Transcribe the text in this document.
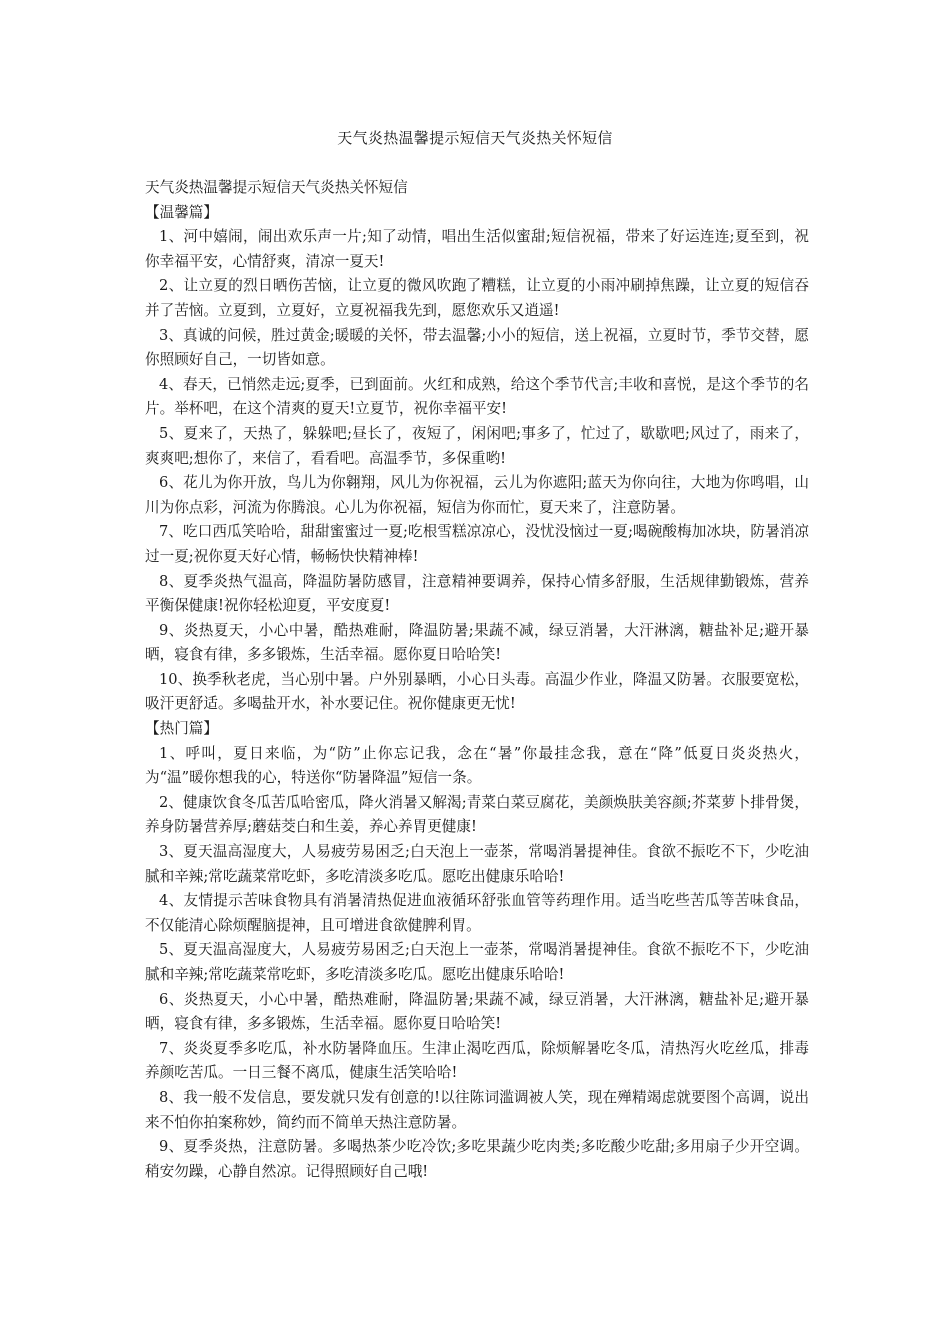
天气炎热温馨提示短信天气炎热关怀短信

天气炎热温馨提示短信天气炎热关怀短信

【温馨篇】

1、河中嬉闹，闹出欢乐声一片;知了动情，唱出生活似蜜甜;短信祝福，带来了好运连连;夏至到，祝你幸福平安，心情舒爽，清凉一夏天!

2、让立夏的烈日晒伤苦恼，让立夏的微风吹跑了糟糕，让立夏的小雨冲刷掉焦躁，让立夏的短信吞并了苦恼。立夏到，立夏好，立夏祝福我先到，愿您欢乐又逍遥!

3、真诚的问候，胜过黄金;暖暖的关怀，带去温馨;小小的短信，送上祝福，立夏时节，季节交替，愿你照顾好自己，一切皆如意。

4、春天，已悄然走远;夏季，已到面前。火红和成熟，给这个季节代言;丰收和喜悦，是这个季节的名片。举杯吧，在这个清爽的夏天!立夏节，祝你幸福平安!

5、夏来了，天热了，躲躲吧;昼长了，夜短了，闲闲吧;事多了，忙过了，歇歇吧;风过了，雨来了，爽爽吧;想你了，来信了，看看吧。高温季节，多保重哟!

6、花儿为你开放，鸟儿为你翱翔，风儿为你祝福，云儿为你遮阳;蓝天为你向往，大地为你鸣唱，山川为你点彩，河流为你腾浪。心儿为你祝福，短信为你而忙，夏天来了，注意防暑。

7、吃口西瓜笑哈哈，甜甜蜜蜜过一夏;吃根雪糕凉凉心，没忧没恼过一夏;喝碗酸梅加冰块，防暑消凉过一夏;祝你夏天好心情，畅畅快快精神棒!

8、夏季炎热气温高，降温防暑防感冒，注意精神要调养，保持心情多舒服，生活规律勤锻炼，营养平衡保健康!祝你轻松迎夏，平安度夏!

9、炎热夏天，小心中暑，酷热难耐，降温防暑;果蔬不减，绿豆消暑，大汗淋漓，糖盐补足;避开暴晒，寝食有律，多多锻炼，生活幸福。愿你夏日哈哈笑!

10、换季秋老虎，当心别中暑。户外别暴晒，小心日头毒。高温少作业，降温又防暑。衣服要宽松，吸汗更舒适。多喝盐开水，补水要记住。祝你健康更无忧!

【热门篇】

1、呼叫，夏日来临，为“防”止你忘记我，念在“暑”你最挂念我，意在“降”低夏日炎炎热火，为“温”暖你想我的心，特送你“防暑降温”短信一条。

2、健康饮食冬瓜苦瓜哈密瓜，降火消暑又解渴;青菜白菜豆腐花，美颜焕肤美容颜;芥菜萝卜排骨煲，养身防暑营养厚;蘑菇茭白和生姜，养心养胃更健康!

3、夏天温高湿度大，人易疲劳易困乏;白天泡上一壶茶，常喝消暑提神佳。食欲不振吃不下，少吃油腻和辛辣;常吃蔬菜常吃虾，多吃清淡多吃瓜。愿吃出健康乐哈哈!

4、友情提示苦味食物具有消暑清热促进血液循环舒张血管等药理作用。适当吃些苦瓜等苦味食品，不仅能清心除烦醒脑提神，且可增进食欲健脾利胃。

5、夏天温高湿度大，人易疲劳易困乏;白天泡上一壶茶，常喝消暑提神佳。食欲不振吃不下，少吃油腻和辛辣;常吃蔬菜常吃虾，多吃清淡多吃瓜。愿吃出健康乐哈哈!

6、炎热夏天，小心中暑，酷热难耐，降温防暑;果蔬不减，绿豆消暑，大汗淋漓，糖盐补足;避开暴晒，寝食有律，多多锻炼，生活幸福。愿你夏日哈哈笑!

7、炎炎夏季多吃瓜，补水防暑降血压。生津止渴吃西瓜，除烦解暑吃冬瓜，清热泻火吃丝瓜，排毒养颜吃苦瓜。一日三餐不离瓜，健康生活笑哈哈!

8、我一般不发信息，要发就只发有创意的!以往陈词滥调被人笑，现在殚精竭虑就要图个高调，说出来不怕你拍案称妙，简约而不简单天热注意防暑。

9、夏季炎热，注意防暑。多喝热茶少吃冷饮;多吃果蔬少吃肉类;多吃酸少吃甜;多用扇子少开空调。稍安勿躁，心静自然凉。记得照顾好自己哦!
